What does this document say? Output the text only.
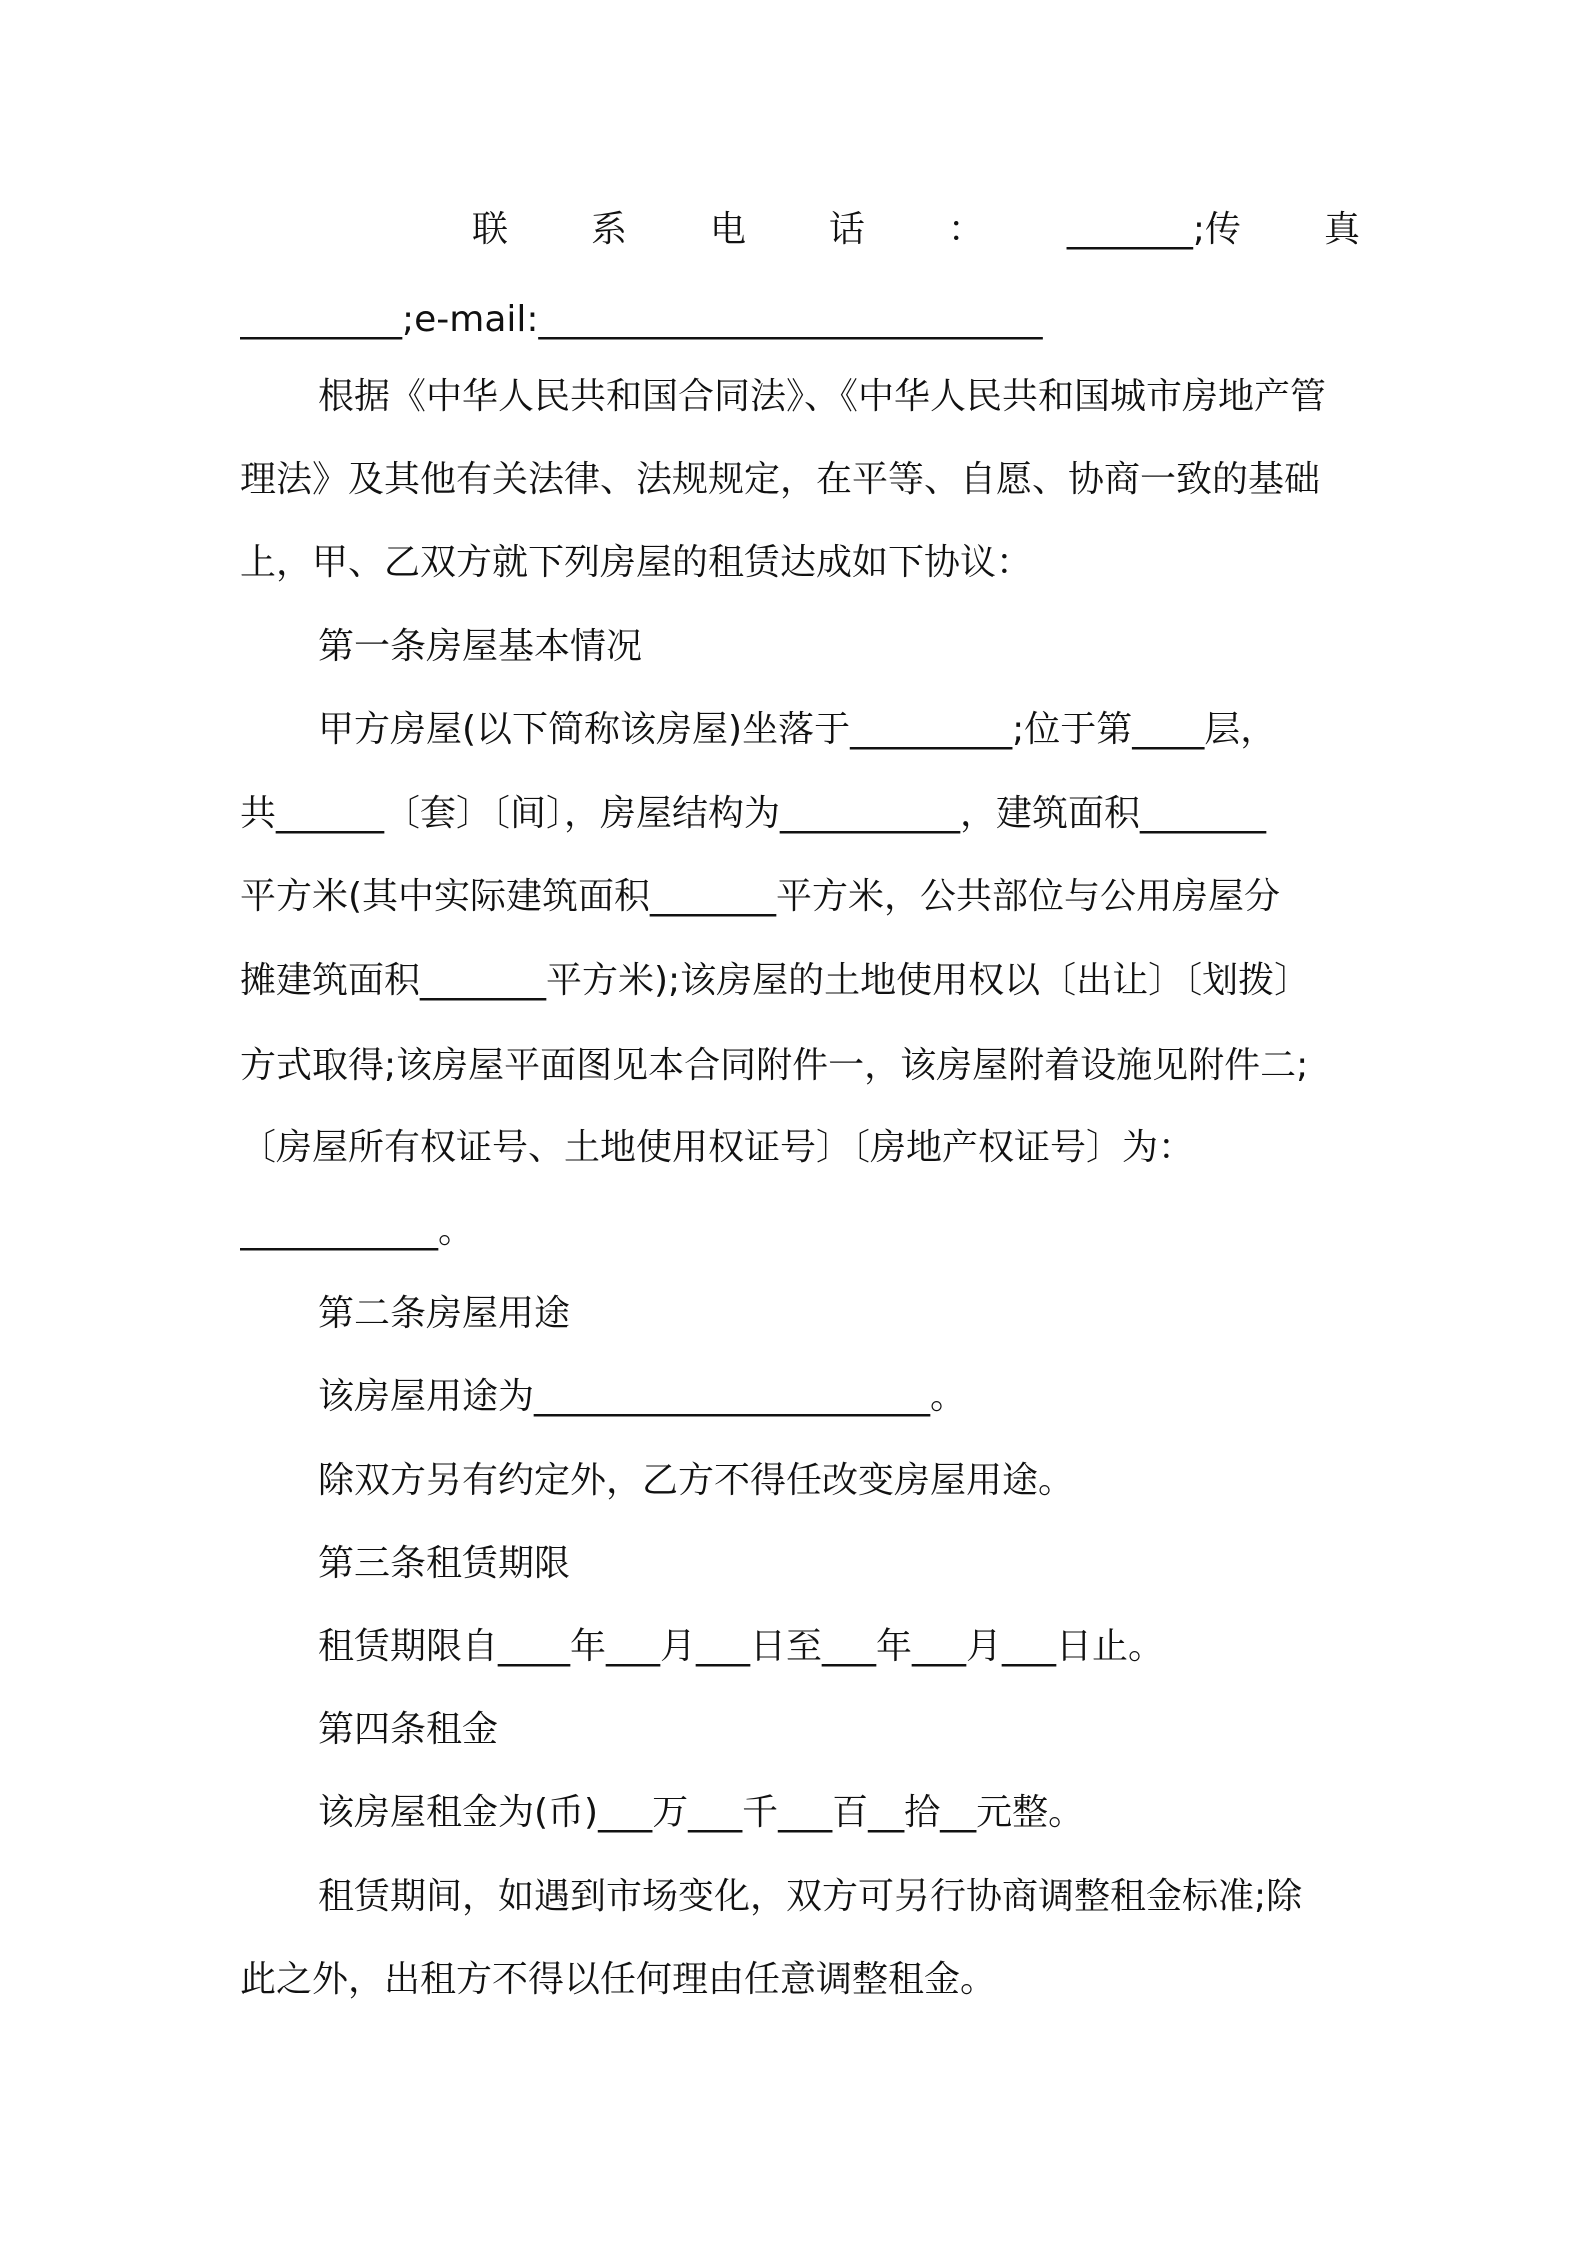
联 系 电 话 ： _______;传 真
_________;e-mail:____________________________
根据《中华人民共和国合同法》、《中华人民共和国城市房地产管
理法》及其他有关法律、法规规定，在平等、自愿、协商一致的基础
上，甲、乙双方就下列房屋的租赁达成如下协议：
第一条房屋基本情况
甲方房屋(以下简称该房屋)坐落于_________;位于第____层，
共______〔套〕〔间〕，房屋结构为__________，建筑面积_______
平方米(其中实际建筑面积_______平方米，公共部位与公用房屋分
摊建筑面积_______平方米);该房屋的土地使用权以〔出让〕〔划拨〕
方式取得;该房屋平面图见本合同附件一，该房屋附着设施见附件二;
〔房屋所有权证号、土地使用权证号〕〔房地产权证号〕为：
___________。
第二条房屋用途
该房屋用途为______________________。
除双方另有约定外，乙方不得任改变房屋用途。
第三条租赁期限
租赁期限自____年___月___日至___年___月___日止。
第四条租金
该房屋租金为(币)___万___千___百__拾__元整。
租赁期间，如遇到市场变化，双方可另行协商调整租金标准;除
此之外，出租方不得以任何理由任意调整租金。
